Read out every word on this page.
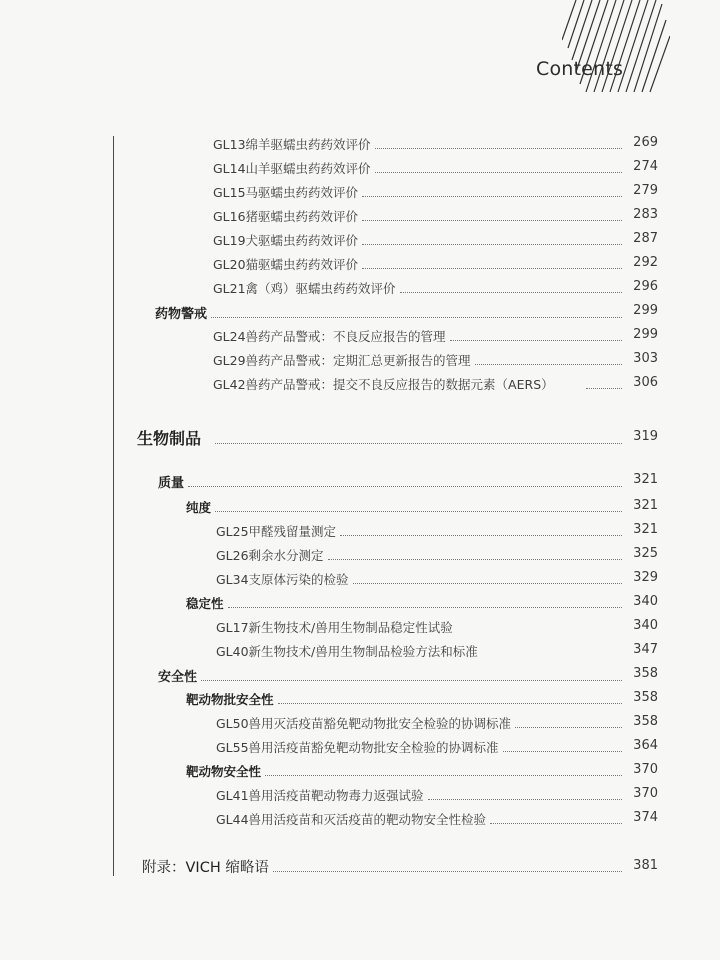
Contents
GL13绵羊驱蠕虫药药效评价	269
GL14山羊驱蠕虫药药效评价	274
GL15马驱蠕虫药药效评价	279
GL16猪驱蠕虫药药效评价	283
GL19犬驱蠕虫药药效评价	287
GL20猫驱蠕虫药药效评价	292
GL21禽（鸡）驱蠕虫药药效评价	296
药物警戒	299
GL24兽药产品警戒：不良反应报告的管理	299
GL29兽药产品警戒：定期汇总更新报告的管理	303
GL42兽药产品警戒：提交不良反应报告的数据元素（AERS）	306
生物制品	319
质量	321
纯度	321
GL25甲醛残留量测定	321
GL26剩余水分测定	325
GL34支原体污染的检验	329
稳定性	340
GL17新生物技术/兽用生物制品稳定性试验	340
GL40新生物技术/兽用生物制品检验方法和标准	347
安全性	358
靶动物批安全性	358
GL50兽用灭活疫苗豁免靶动物批安全检验的协调标准	358
GL55兽用活疫苗豁免靶动物批安全检验的协调标准	364
靶动物安全性	370
GL41兽用活疫苗靶动物毒力返强试验	370
GL44兽用活疫苗和灭活疫苗的靶动物安全性检验	374
附录：VICH 缩略语	381
